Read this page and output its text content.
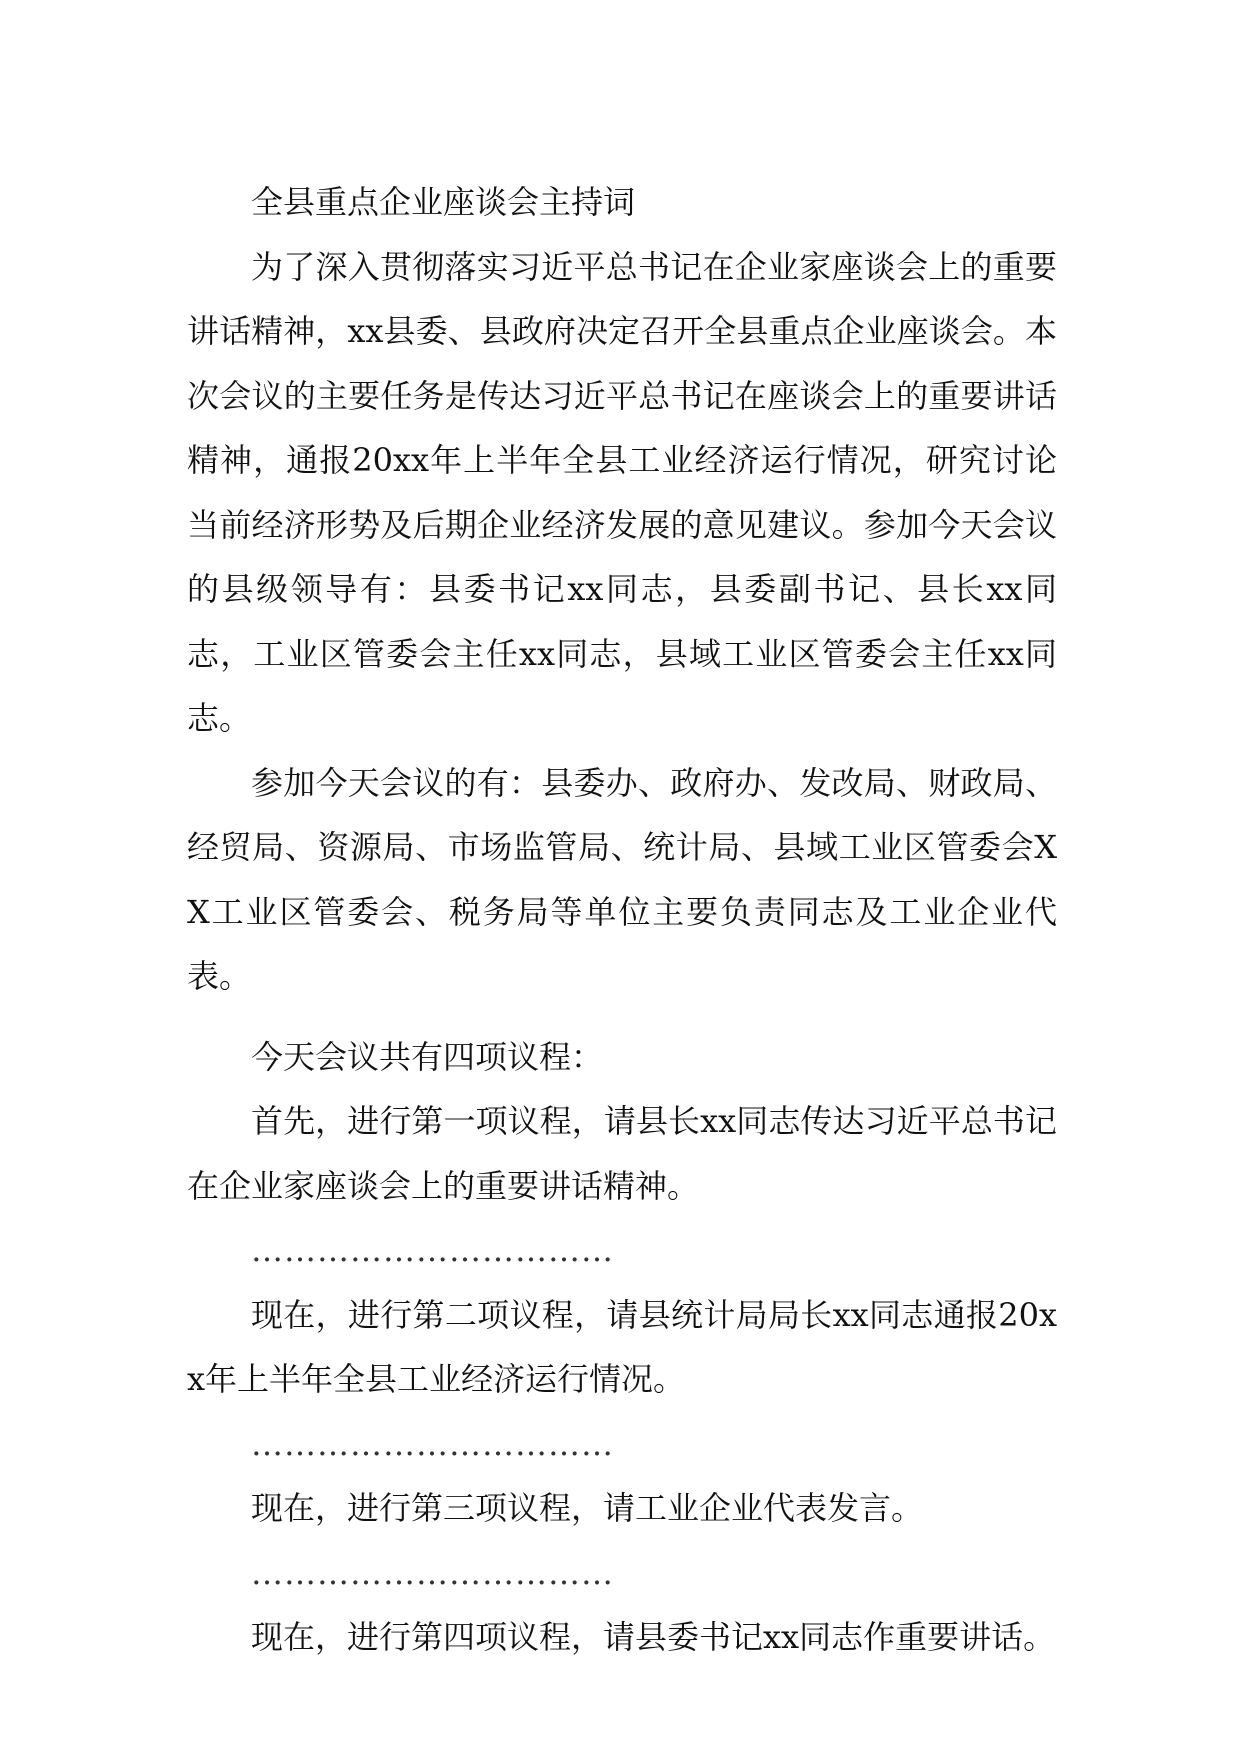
全县重点企业座谈会主持词

为了深入贯彻落实习近平总书记在企业家座谈会上的重要讲话精神，xx县委、县政府决定召开全县重点企业座谈会。本次会议的主要任务是传达习近平总书记在座谈会上的重要讲话精神，通报20xx年上半年全县工业经济运行情况，研究讨论当前经济形势及后期企业经济发展的意见建议。参加今天会议的县级领导有：县委书记xx同志，县委副书记、县长xx同志，工业区管委会主任xx同志，县域工业区管委会主任xx同志。

参加今天会议的有：县委办、政府办、发改局、财政局、经贸局、资源局、市场监管局、统计局、县域工业区管委会XX工业区管委会、税务局等单位主要负责同志及工业企业代表。

今天会议共有四项议程：

首先，进行第一项议程，请县长xx同志传达习近平总书记在企业家座谈会上的重要讲话精神。

……………………………

现在，进行第二项议程，请县统计局局长xx同志通报20xx年上半年全县工业经济运行情况。

……………………………

现在，进行第三项议程，请工业企业代表发言。

……………………………

现在，进行第四项议程，请县委书记xx同志作重要讲话。
